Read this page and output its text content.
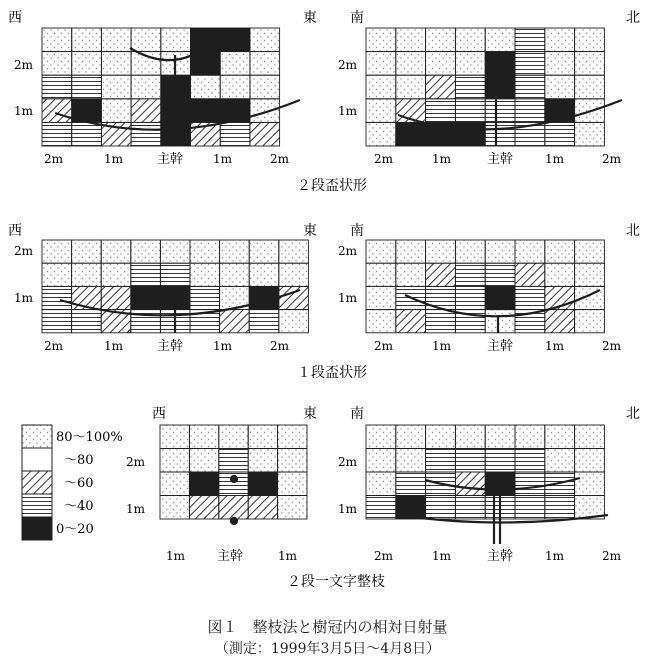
西	東 南	北
西	東 南	北
西	東 南	北
2m
1m
2m
1m
2m
1m
2m
1m
2m
1m
2m
1m
2m	1m	主幹 1m	2m	2m	1m	主幹	1m	2m
2m	1m	主幹 1m	2m	2m	1m	主幹	1m	2m
1m 主幹	1m	2m	1m	主幹	1m	2m
２段盃状形
１段盃状形
２段一文字整枝
80〜100%
〜80
〜60
〜40
0〜20
図１　整枝法と樹冠内の相対日射量
（測定：1999年3月5日〜4月8日）
